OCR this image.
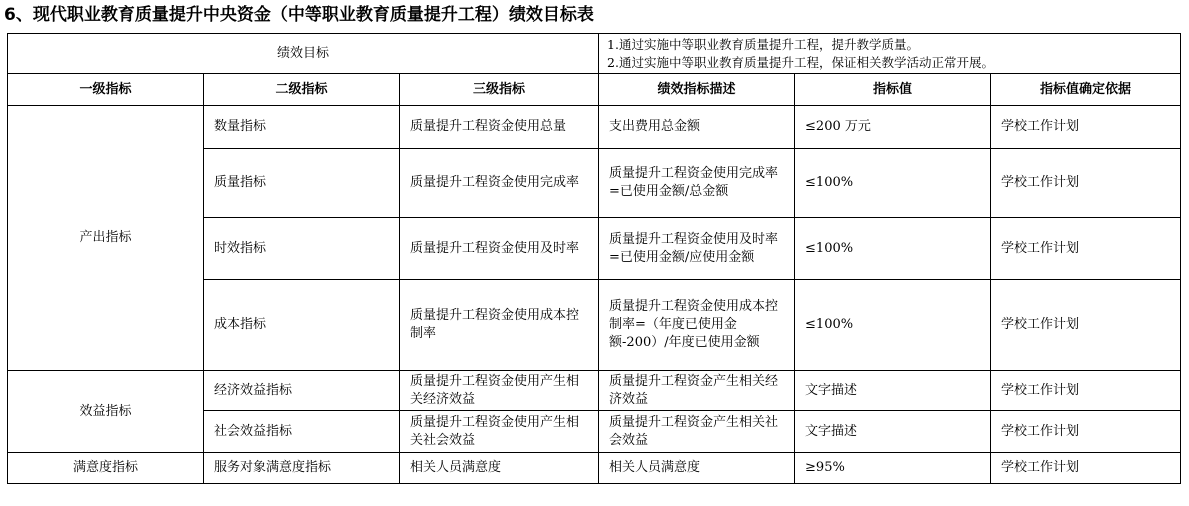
6、现代职业教育质量提升中央资金（中等职业教育质量提升工程）绩效目标表
绩效目标			1.通过实施中等职业教育质量提升工程，提升教学质量。
2.通过实施中等职业教育质量提升工程，保证相关教学活动正常开展。		

一级指标	二级指标	三级指标	绩效指标描述	指标值	指标值确定依据
产出指标	数量指标	质量提升工程资金使用总量	支出费用总金额	≤200 万元	学校工作计划
	质量指标	质量提升工程资金使用完成率	质量提升工程资金使用完成率=已使用金额/总金额	≤100%	学校工作计划
	时效指标	质量提升工程资金使用及时率	质量提升工程资金使用及时率=已使用金额/应使用金额	≤100%	学校工作计划
	成本指标	质量提升工程资金使用成本控制率	质量提升工程资金使用成本控制率=（年度已使用金额-200）/年度已使用金额	≤100%	学校工作计划
效益指标	经济效益指标	质量提升工程资金使用产生相关经济效益	质量提升工程资金产生相关经济效益	文字描述	学校工作计划
	社会效益指标	质量提升工程资金使用产生相关社会效益	质量提升工程资金产生相关社会效益	文字描述	学校工作计划
满意度指标	服务对象满意度指标	相关人员满意度	相关人员满意度	≥95%	学校工作计划
